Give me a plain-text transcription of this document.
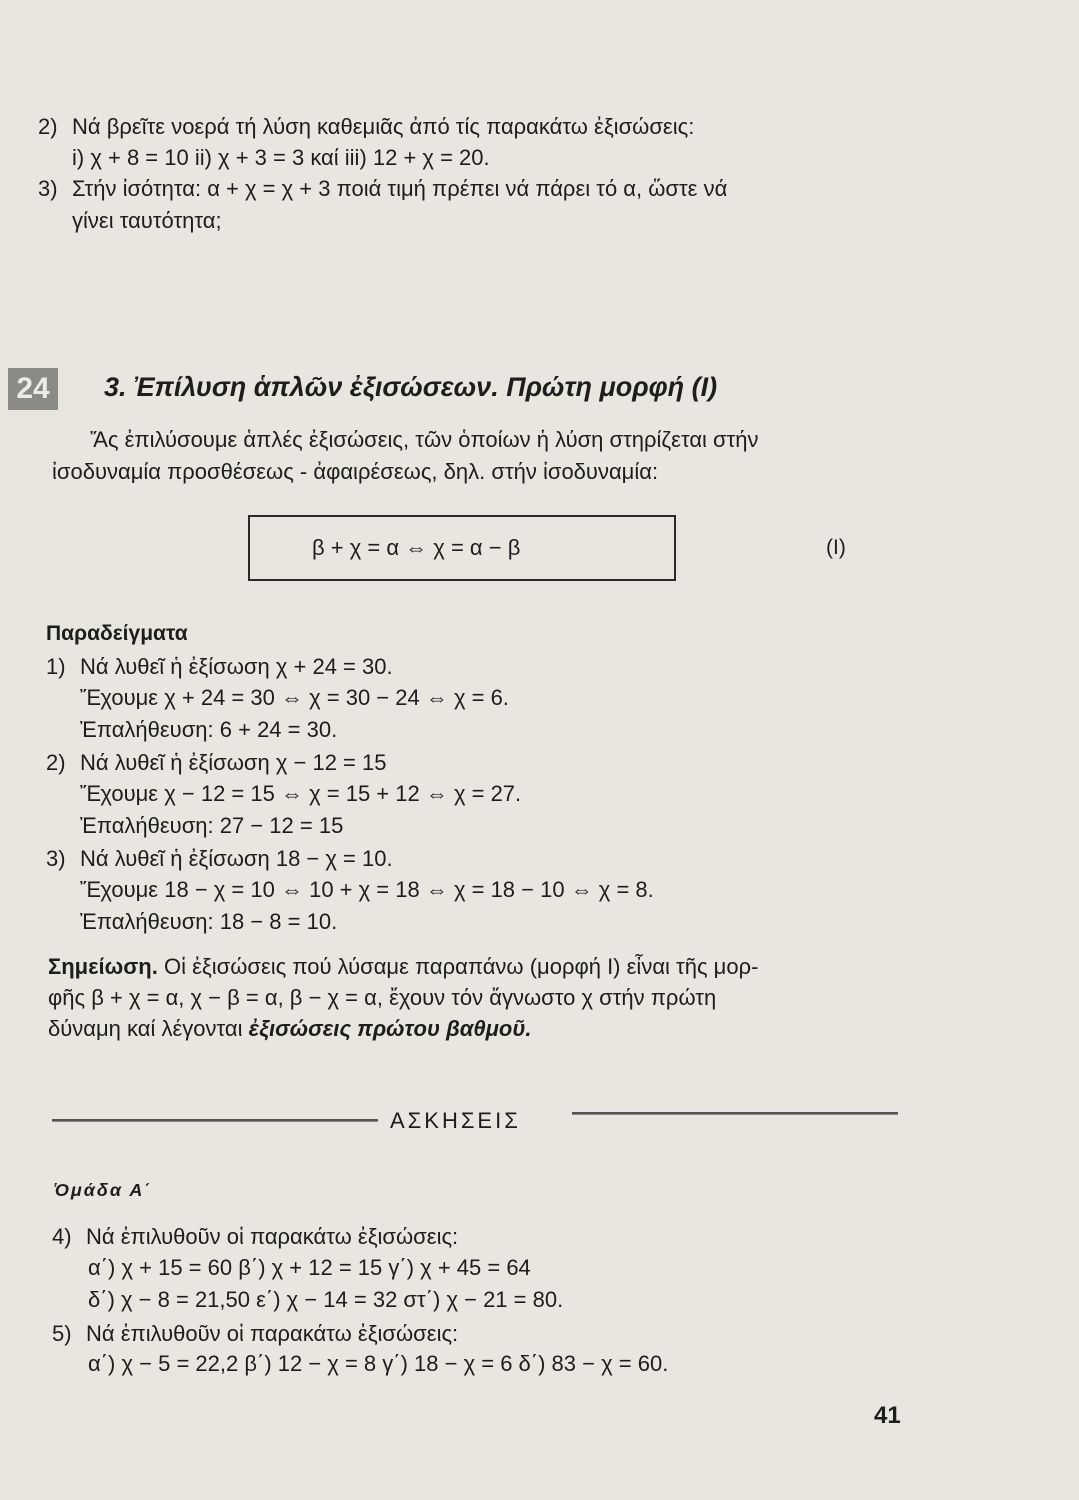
2) Νά βρεῖτε νοερά τή λύση καθεμιᾶς ἀπό τίς παρακάτω ἐξισώσεις:
i) χ + 8 = 10 ii) χ + 3 = 3 καί iii) 12 + χ = 20.
3) Στήν ἰσότητα: α + χ = χ + 3 ποιά τιμή πρέπει νά πάρει τό α, ὥστε νά
γίνει ταυτότητα;
24	3. Ἐπίλυση ἁπλῶν ἐξισώσεων. Πρώτη μορφή (I)
Ἄς ἐπιλύσουμε ἁπλές ἐξισώσεις, τῶν ὁποίων ἡ λύση στηρίζεται στήν
ἰσοδυναμία προσθέσεως - ἀφαιρέσεως, δηλ. στήν ἰσοδυναμία:
β + χ = α ⇔ χ = α − β	(I)
Παραδείγματα
1) Νά λυθεῖ ἡ ἐξίσωση χ + 24 = 30.
Ἔχουμε χ + 24 = 30 ⇔ χ = 30 − 24 ⇔ χ = 6.
Ἐπαλήθευση: 6 + 24 = 30.
2) Νά λυθεῖ ἡ ἐξίσωση χ − 12 = 15
Ἔχουμε χ − 12 = 15 ⇔ χ = 15 + 12 ⇔ χ = 27.
Ἐπαλήθευση: 27 − 12 = 15
3) Νά λυθεῖ ἡ ἐξίσωση 18 − χ = 10.
Ἔχουμε 18 − χ = 10 ⇔ 10 + χ = 18 ⇔ χ = 18 − 10 ⇔ χ = 8.
Ἐπαλήθευση: 18 − 8 = 10.
Σημείωση. Οἱ ἐξισώσεις πού λύσαμε παραπάνω (μορφή I) εἶναι τῆς μορ-
φῆς β + χ = α, χ − β = α, β − χ = α, ἔχουν τόν ἄγνωστο χ στήν πρώτη
δύναμη καί λέγονται ἐξισώσεις πρώτου βαθμοῦ.
ΑΣΚΗΣΕΙΣ
Ὁμάδα Α΄
4) Νά ἐπιλυθοῦν οἱ παρακάτω ἐξισώσεις:
α΄) χ + 15 = 60 β΄) χ + 12 = 15 γ΄) χ + 45 = 64
δ΄) χ − 8 = 21,50 ε΄) χ − 14 = 32 στ΄) χ − 21 = 80.
5) Νά ἐπιλυθοῦν οἱ παρακάτω ἐξισώσεις:
α΄) χ − 5 = 22,2 β΄) 12 − χ = 8 γ΄) 18 − χ = 6 δ΄) 83 − χ = 60.
41
